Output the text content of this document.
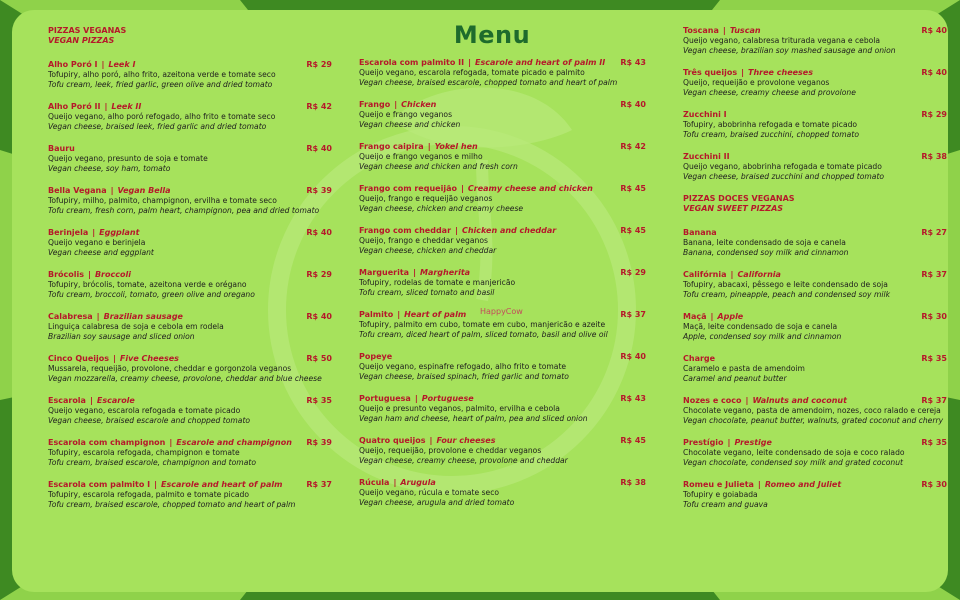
HappyCow
Menu
PIZZAS VEGANAS
VEGAN PIZZAS
Alho Poró I | Leek I	R$ 29
Tofupiry, alho poró, alho frito, azeitona verde e tomate seco
Tofu cream, leek, fried garlic, green olive and dried tomato
Alho Poró II | Leek II	R$ 42
Queijo vegano, alho poró refogado, alho frito e tomate seco
Vegan cheese, braised leek, fried garlic and dried tomato
Bauru	R$ 40
Queijo vegano, presunto de soja e tomate
Vegan cheese, soy ham, tomato
Bella Vegana | Vegan Bella	R$ 39
Tofupiry, milho, palmito, champignon, ervilha e tomate seco
Tofu cream, fresh corn, palm heart, champignon, pea and dried tomato
Berinjela | Eggplant	R$ 40
Queijo vegano e berinjela
Vegan cheese and eggplant
Brócolis | Broccoli	R$ 29
Tofupiry, brócolis, tomate, azeitona verde e orégano
Tofu cream, broccoli, tomato, green olive and oregano
Calabresa | Brazilian sausage	R$ 40
Linguiça calabresa de soja e cebola em rodela
Brazilian soy sausage and sliced onion
Cinco Queijos | Five Cheeses	R$ 50
Mussarela, requeijão, provolone, cheddar e gorgonzola veganos
Vegan mozzarella, creamy cheese, provolone, cheddar and blue cheese
Escarola | Escarole	R$ 35
Queijo vegano, escarola refogada e tomate picado
Vegan cheese, braised escarole and chopped tomato
Escarola com champignon | Escarole and champignon R$ 39
Tofupiry, escarola refogada, champignon e tomate
Tofu cream, braised escarole, champignon and tomato
Escarola com palmito I | Escarole and heart of palm	R$ 37
Tofupiry, escarola refogada, palmito e tomate picado
Tofu cream, braised escarole, chopped tomato and heart of palm
Escarola com palmito II | Escarole and heart of palm II R$ 43
Queijo vegano, escarola refogada, tomate picado e palmito
Vegan cheese, braised escarole, chopped tomato and heart of palm
Frango | Chicken	R$ 40
Queijo e frango veganos
Vegan cheese and chicken
Frango caipira | Yokel hen	R$ 42
Queijo e frango veganos e milho
Vegan cheese and chicken and fresh corn
Frango com requeijão | Creamy cheese and chicken	R$ 45
Queijo, frango e requeijão veganos
Vegan cheese, chicken and creamy cheese
Frango com cheddar | Chicken and cheddar	R$ 45
Queijo, frango e cheddar veganos
Vegan cheese, chicken and cheddar
Marguerita | Margherita	R$ 29
Tofupiry, rodelas de tomate e manjericão
Tofu cream, sliced tomato and basil
Palmito | Heart of palm	R$ 37
Tofupiry, palmito em cubo, tomate em cubo, manjericão e azeite
Tofu cream, diced heart of palm, sliced tomato, basil and olive oil
Popeye	R$ 40
Queijo vegano, espinafre refogado, alho frito e tomate
Vegan cheese, braised spinach, fried garlic and tomato
Portuguesa | Portuguese	R$ 43
Queijo e presunto veganos, palmito, ervilha e cebola
Vegan ham and cheese, heart of palm, pea and sliced onion
Quatro queijos | Four cheeses	R$ 45
Queijo, requeijão, provolone e cheddar veganos
Vegan cheese, creamy cheese, provolone and cheddar
Rúcula | Arugula	R$ 38
Queijo vegano, rúcula e tomate seco
Vegan cheese, arugula and dried tomato
Toscana | Tuscan	R$ 40
Queijo vegano, calabresa triturada vegana e cebola
Vegan cheese, brazilian soy mashed sausage and onion
Três queijos | Three cheeses	R$ 40
Queijo, requeijão e provolone veganos
Vegan cheese, creamy cheese and provolone
Zucchini I	R$ 29
Tofupiry, abobrinha refogada e tomate picado
Tofu cream, braised zucchini, chopped tomato
Zucchini II	R$ 38
Queijo vegano, abobrinha refogada e tomate picado
Vegan cheese, braised zucchini and chopped tomato
PIZZAS DOCES VEGANAS
VEGAN SWEET PIZZAS
Banana	R$ 27
Banana, leite condensado de soja e canela
Banana, condensed soy milk and cinnamon
Califórnia | California	R$ 37
Tofupiry, abacaxi, pêssego e leite condensado de soja
Tofu cream, pineapple, peach and condensed soy milk
Maçã | Apple	R$ 30
Maçã, leite condensado de soja e canela
Apple, condensed soy milk and cinnamon
Charge	R$ 35
Caramelo e pasta de amendoim
Caramel and peanut butter
Nozes e coco | Walnuts and coconut	R$ 37
Chocolate vegano, pasta de amendoim, nozes, coco ralado e cereja
Vegan chocolate, peanut butter, walnuts, grated coconut and cherry
Prestígio | Prestige	R$ 35
Chocolate vegano, leite condensado de soja e coco ralado
Vegan chocolate, condensed soy milk and grated coconut
Romeu e Julieta | Romeo and Juliet	R$ 30
Tofupiry e goiabada
Tofu cream and guava
